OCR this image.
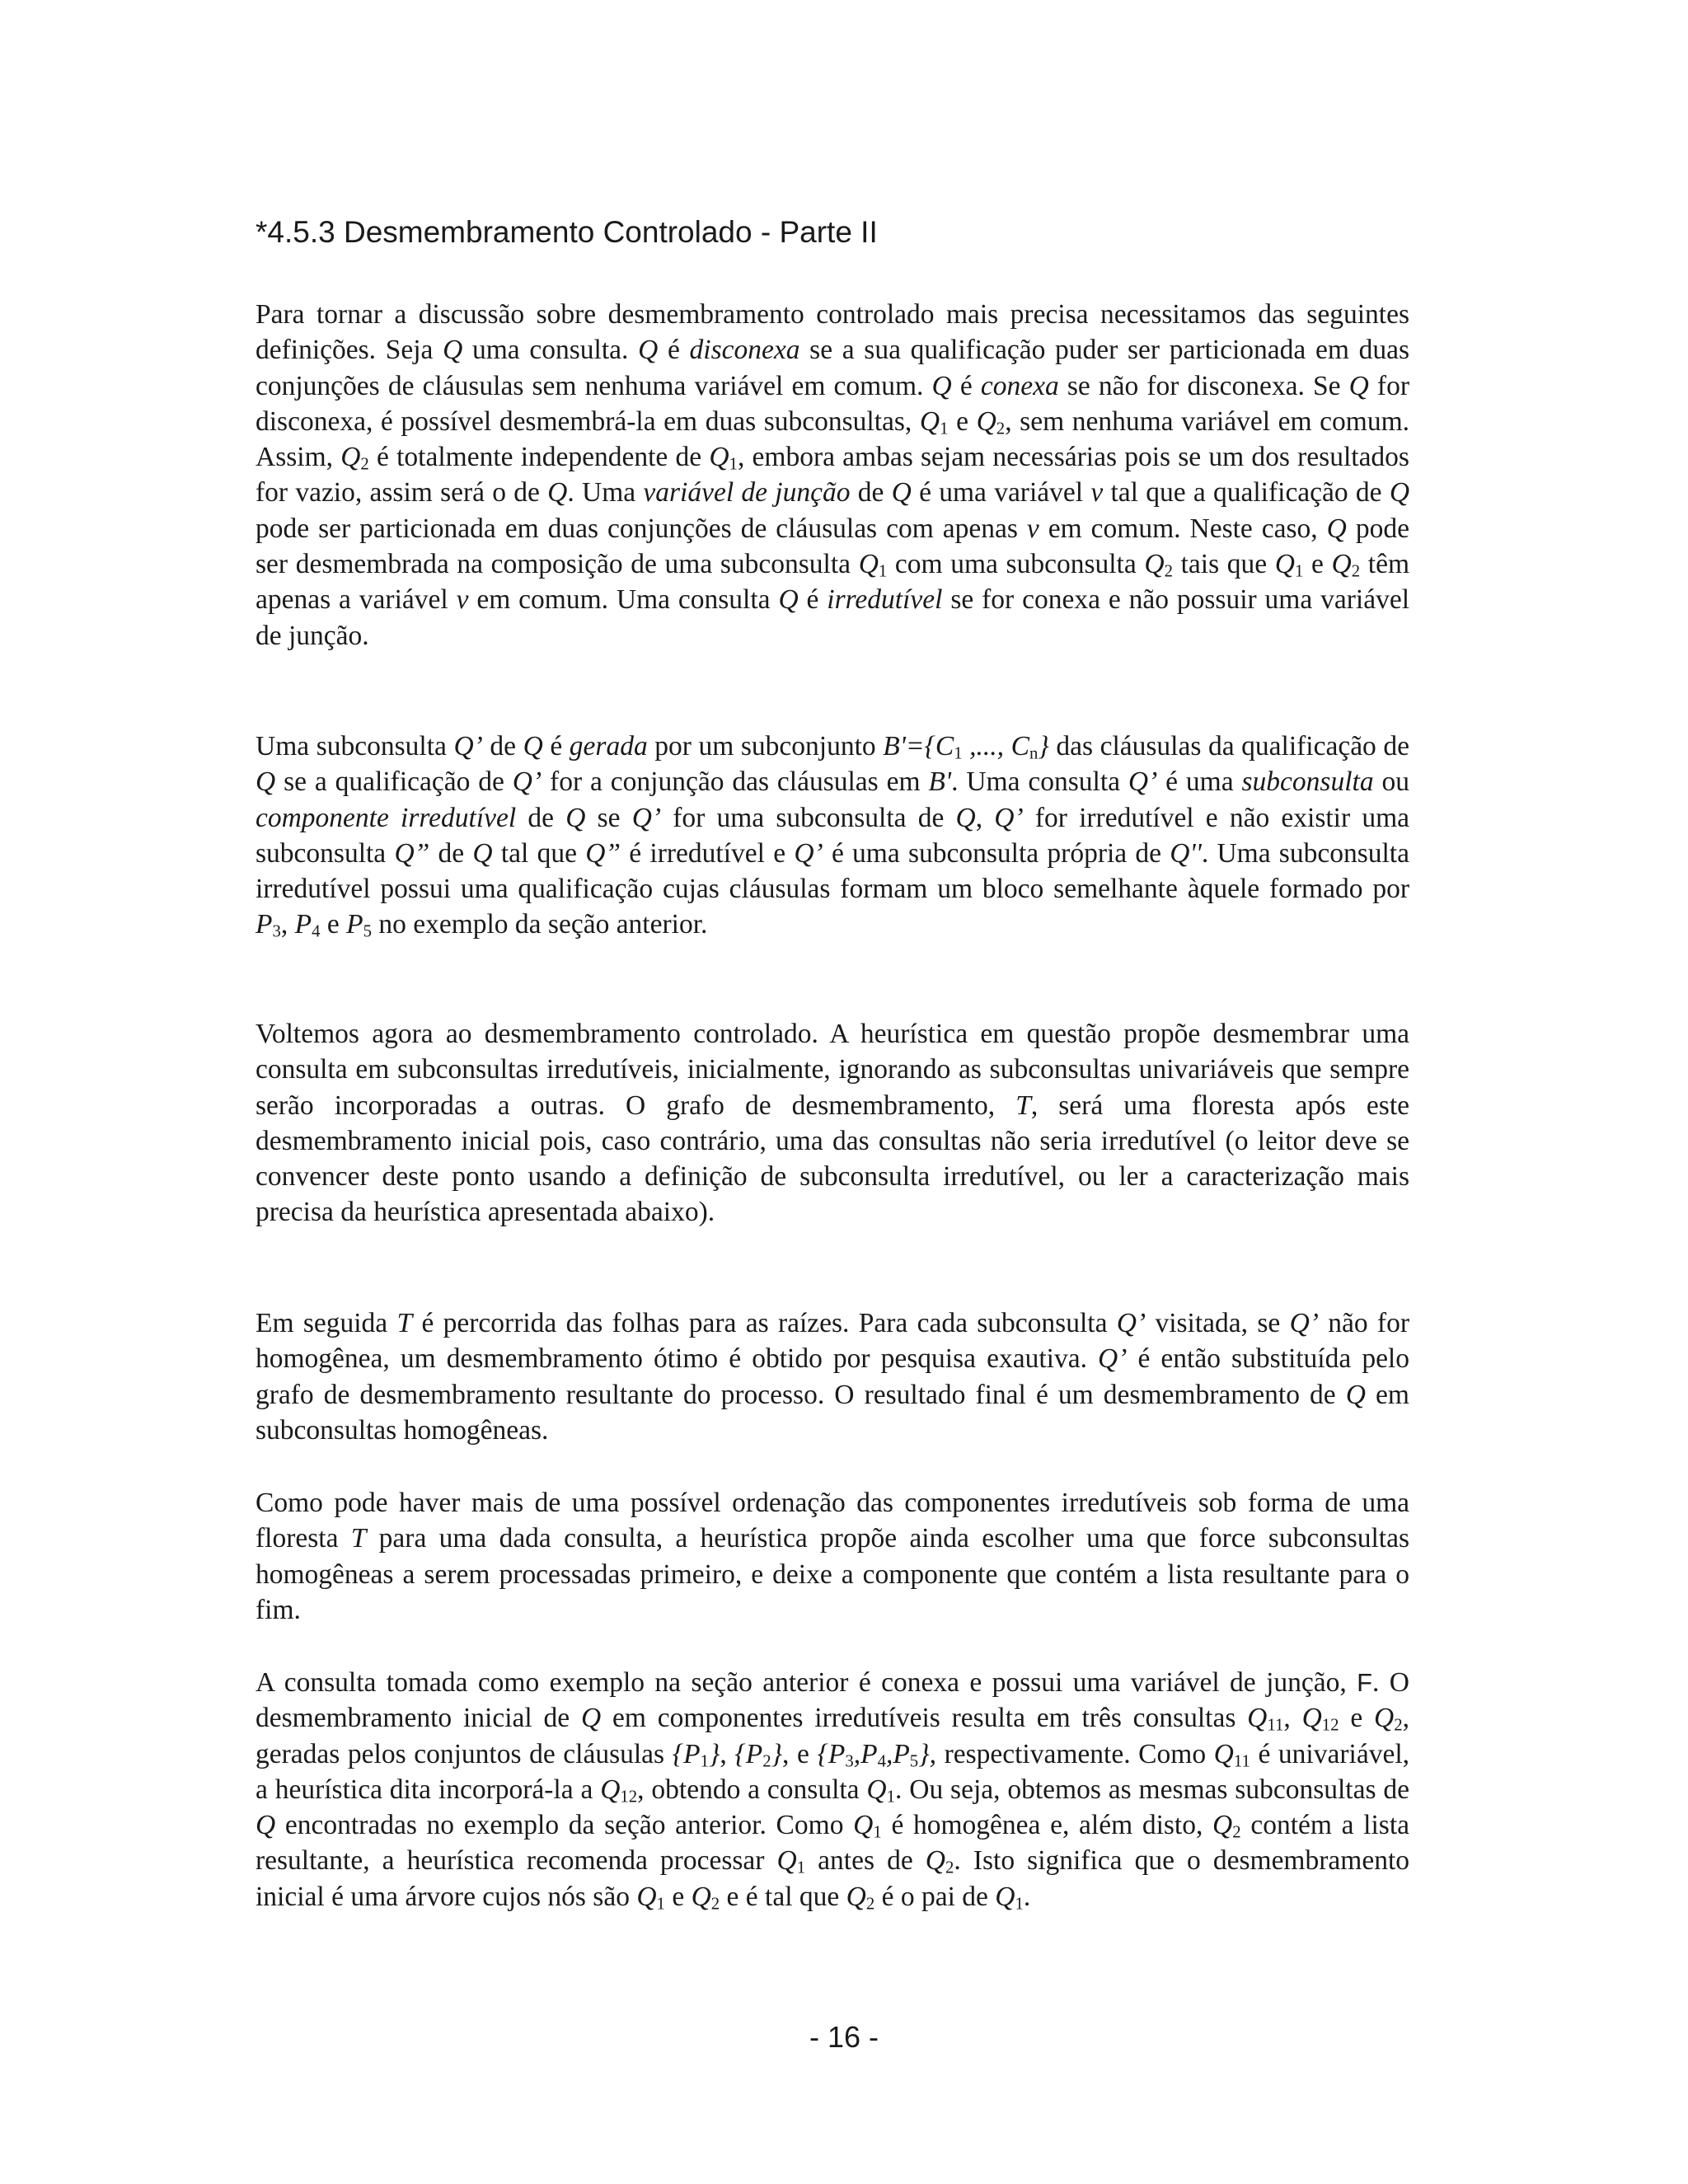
*4.5.3 Desmembramento Controlado - Parte II

Para tornar a discussão sobre desmembramento controlado mais precisa necessitamos das seguintes definições. Seja Q uma consulta. Q é disconexa se a sua qualificação puder ser particionada em duas conjunções de cláusulas sem nenhuma variável em comum. Q é conexa se não for disconexa. Se Q for disconexa, é possível desmembrá-la em duas subconsultas, $Q_1$ e $Q_2$, sem nenhuma variável em comum. Assim, $Q_2$ é totalmente independente de $Q_1$, embora ambas sejam necessárias pois se um dos resultados for vazio, assim será o de Q. Uma variável de junção de Q é uma variável v tal que a qualificação de Q pode ser particionada em duas conjunções de cláusulas com apenas v em comum. Neste caso, Q pode ser desmembrada na composição de uma subconsulta $Q_1$ com uma subconsulta $Q_2$ tais que $Q_1$ e $Q_2$ têm apenas a variável v em comum. Uma consulta Q é irredutível se for conexa e não possuir uma variável de junção.

Uma subconsulta Q’ de Q é gerada por um subconjunto $B'=\{C_1$ ,..., $C_n$} das cláusulas da qualificação de Q se a qualificação de Q’ for a conjunção das cláusulas em B'. Uma consulta Q’ é uma subconsulta ou componente irredutível de Q se Q’ for uma subconsulta de Q, Q’ for irredutível e não existir uma subconsulta Q” de Q tal que Q” é irredutível e Q’ é uma subconsulta própria de Q''. Uma subconsulta irredutível possui uma qualificação cujas cláusulas formam um bloco semelhante àquele formado por $P_3$, $P_4$ e $P_5$ no exemplo da seção anterior.

Voltemos agora ao desmembramento controlado. A heurística em questão propõe desmembrar uma consulta em subconsultas irredutíveis, inicialmente, ignorando as subconsultas univariáveis que sempre serão incorporadas a outras. O grafo de desmembramento, T, será uma floresta após este desmembramento inicial pois, caso contrário, uma das consultas não seria irredutível (o leitor deve se convencer deste ponto usando a definição de subconsulta irredutível, ou ler a caracterização mais precisa da heurística apresentada abaixo).

Em seguida T é percorrida das folhas para as raízes. Para cada subconsulta Q’ visitada, se Q’ não for homogênea, um desmembramento ótimo é obtido por pesquisa exautiva. Q’ é então substituída pelo grafo de desmembramento resultante do processo. O resultado final é um desmembramento de Q em subconsultas homogêneas.

Como pode haver mais de uma possível ordenação das componentes irredutíveis sob forma de uma floresta T para uma dada consulta, a heurística propõe ainda escolher uma que force subconsultas homogêneas a serem processadas primeiro, e deixe a componente que contém a lista resultante para o fim.

A consulta tomada como exemplo na seção anterior é conexa e possui uma variável de junção, F. O desmembramento inicial de Q em componentes irredutíveis resulta em três consultas $Q_{11}$, $Q_{12}$ e $Q_2$, geradas pelos conjuntos de cláusulas $\{P_1\}$, $\{P_2\}$, e $\{P_3,P_4,P_5\}$, respectivamente. Como $Q_{11}$ é univariável, a heurística dita incorporá-la a $Q_{12}$, obtendo a consulta $Q_1$. Ou seja, obtemos as mesmas subconsultas de Q encontradas no exemplo da seção anterior. Como $Q_1$ é homogênea e, além disto, $Q_2$ contém a lista resultante, a heurística recomenda processar $Q_1$ antes de $Q_2$. Isto significa que o desmembramento inicial é uma árvore cujos nós são $Q_1$ e $Q_2$ e é tal que $Q_2$ é o pai de $Q_1$.

- 16 -
